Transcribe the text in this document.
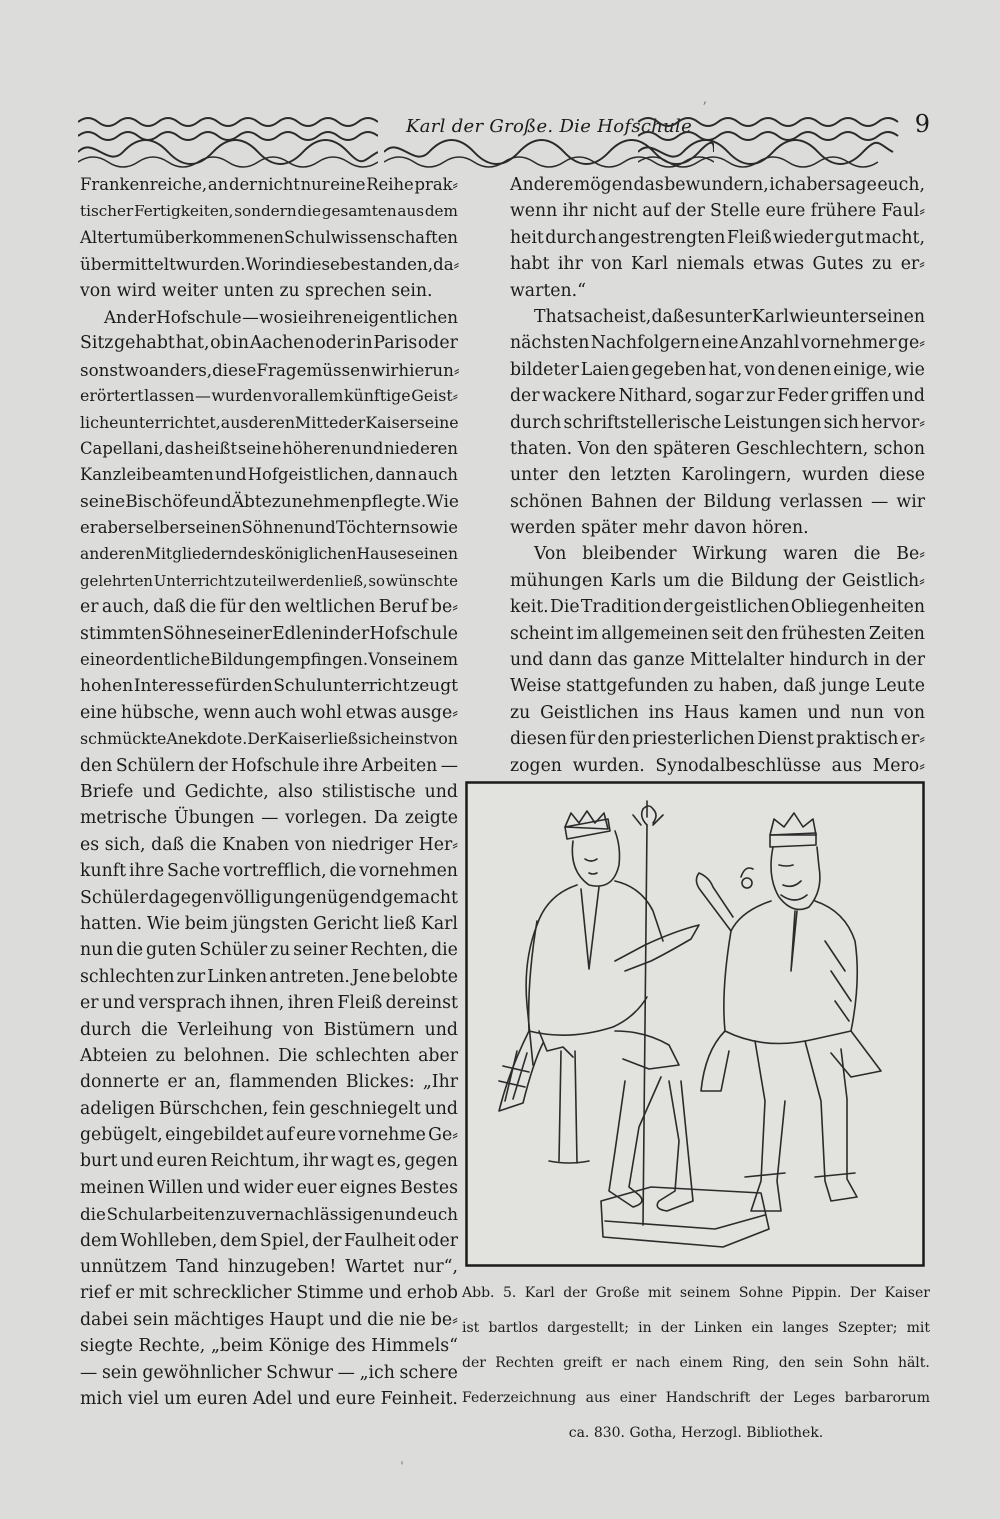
Karl der Große. Die Hofschule	9

Frankenreiche, an der nicht nur eine Reihe prak⸗

tischer Fertigkeiten, sondern die gesamten aus dem

Altertum überkommenen Schulwissenschaften

übermittelt wurden. Worin diese bestanden, da⸗

von wird weiter unten zu sprechen sein.

An der Hofschule — wo sie ihren eigentlichen

Sitz gehabt hat, ob in Aachen oder in Paris oder

sonstwo anders, diese Frage müssen wir hier un⸗

erörtert lassen — wurden vor allem künftige Geist⸗

liche unterrichtet, aus deren Mitte der Kaiser seine

Capellani, das heißt seine höheren und niederen

Kanzleibeamten und Hofgeistlichen, dann auch

seine Bischöfe und Äbte zu nehmen pflegte. Wie

er aber selber seinen Söhnen und Töchtern sowie

anderen Mitgliedern des königlichen Hauses einen

gelehrten Unterricht zu teil werden ließ, so wünschte

er auch, daß die für den weltlichen Beruf be⸗

stimmten Söhne seiner Edlen in der Hofschule

eine ordentliche Bildung empfingen. Von seinem

hohen Interesse für den Schulunterricht zeugt

eine hübsche, wenn auch wohl etwas ausge⸗

schmückte Anekdote. Der Kaiser ließ sich einst von

den Schülern der Hofschule ihre Arbeiten —

Briefe und Gedichte, also stilistische und

metrische Übungen — vorlegen. Da zeigte

es sich, daß die Knaben von niedriger Her⸗

kunft ihre Sache vortrefflich, die vornehmen

Schüler dagegen völlig ungenügend gemacht

hatten. Wie beim jüngsten Gericht ließ Karl

nun die guten Schüler zu seiner Rechten, die

schlechten zur Linken antreten. Jene belobte

er und versprach ihnen, ihren Fleiß dereinst

durch die Verleihung von Bistümern und

Abteien zu belohnen. Die schlechten aber

donnerte er an, flammenden Blickes: „Ihr

adeligen Bürschchen, fein geschniegelt und

gebügelt, eingebildet auf eure vornehme Ge⸗

burt und euren Reichtum, ihr wagt es, gegen

meinen Willen und wider euer eignes Bestes

die Schularbeiten zu vernachlässigen und euch

dem Wohlleben, dem Spiel, der Faulheit oder

unnützem Tand hinzugeben! Wartet nur“,

rief er mit schrecklicher Stimme und erhob

dabei sein mächtiges Haupt und die nie be⸗

siegte Rechte, „beim Könige des Himmels“

— sein gewöhnlicher Schwur — „ich schere

mich viel um euren Adel und eure Feinheit.

Andere mögen das bewundern, ich aber sage euch,

wenn ihr nicht auf der Stelle eure frühere Faul⸗

heit durch angestrengten Fleiß wieder gut macht,

habt ihr von Karl niemals etwas Gutes zu er⸗

warten.“

Thatsache ist, daß es unter Karl wie unter seinen

nächsten Nachfolgern eine Anzahl vornehmer ge⸗

bildeter Laien gegeben hat, von denen einige, wie

der wackere Nithard, sogar zur Feder griffen und

durch schriftstellerische Leistungen sich hervor⸗

thaten. Von den späteren Geschlechtern, schon

unter den letzten Karolingern, wurden diese

schönen Bahnen der Bildung verlassen — wir

werden später mehr davon hören.

Von bleibender Wirkung waren die Be⸗

mühungen Karls um die Bildung der Geistlich⸗

keit. Die Tradition der geistlichen Obliegenheiten

scheint im allgemeinen seit den frühesten Zeiten

und dann das ganze Mittelalter hindurch in der

Weise stattgefunden zu haben, daß junge Leute

zu Geistlichen ins Haus kamen und nun von

diesen für den priesterlichen Dienst praktisch er⸗

zogen wurden. Synodalbeschlüsse aus Mero⸗

Abb. 5. Karl der Große mit seinem Sohne Pippin. Der Kaiser

ist bartlos dargestellt; in der Linken ein langes Szepter; mit

der Rechten greift er nach einem Ring, den sein Sohn hält.

Federzeichnung aus einer Handschrift der Leges barbarorum

ca. 830. Gotha, Herzogl. Bibliothek.

ʼ
ˈ
